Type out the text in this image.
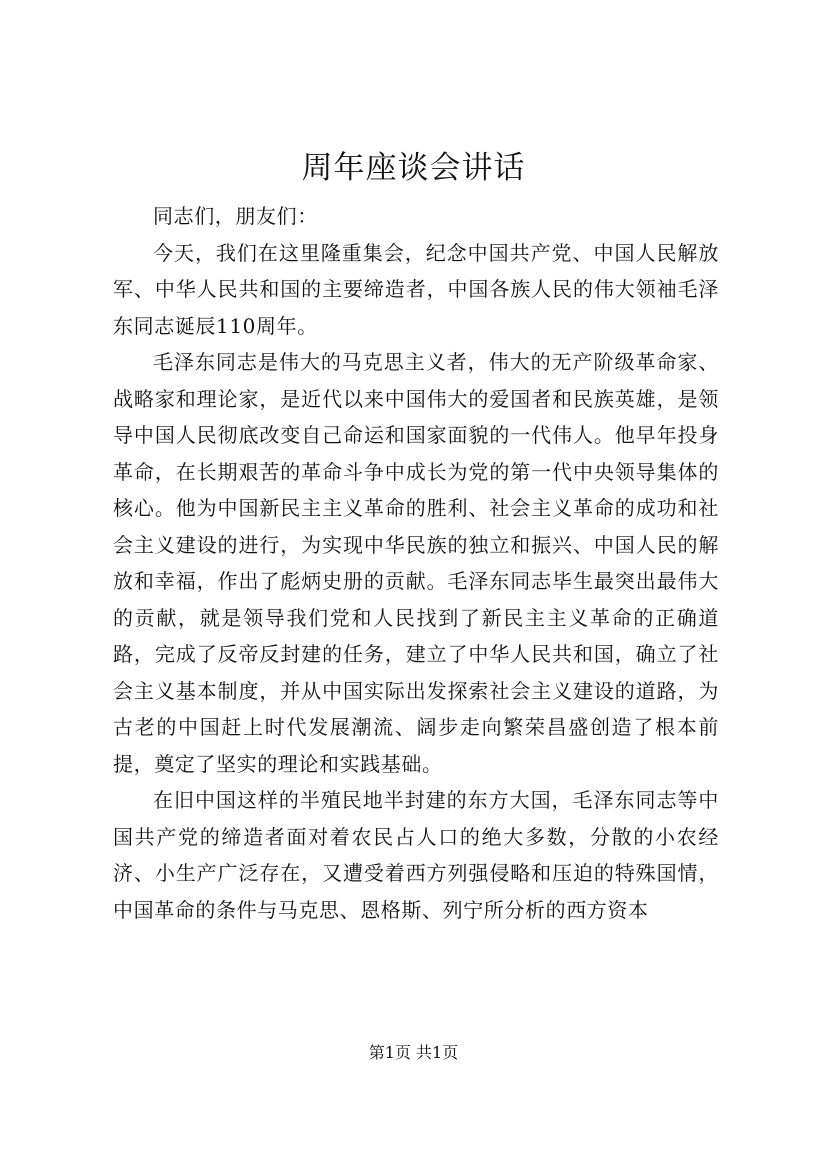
周年座谈会讲话

同志们，朋友们：

今天，我们在这里隆重集会，纪念中国共产党、中国人民解放军、中华人民共和国的主要缔造者，中国各族人民的伟大领袖毛泽东同志诞辰110周年。

毛泽东同志是伟大的马克思主义者，伟大的无产阶级革命家、战略家和理论家，是近代以来中国伟大的爱国者和民族英雄，是领导中国人民彻底改变自己命运和国家面貌的一代伟人。他早年投身革命，在长期艰苦的革命斗争中成长为党的第一代中央领导集体的核心。他为中国新民主主义革命的胜利、社会主义革命的成功和社会主义建设的进行，为实现中华民族的独立和振兴、中国人民的解放和幸福，作出了彪炳史册的贡献。毛泽东同志毕生最突出最伟大的贡献，就是领导我们党和人民找到了新民主主义革命的正确道路，完成了反帝反封建的任务，建立了中华人民共和国，确立了社会主义基本制度，并从中国实际出发探索社会主义建设的道路，为古老的中国赶上时代发展潮流、阔步走向繁荣昌盛创造了根本前提，奠定了坚实的理论和实践基础。

在旧中国这样的半殖民地半封建的东方大国，毛泽东同志等中国共产党的缔造者面对着农民占人口的绝大多数，分散的小农经济、小生产广泛存在，又遭受着西方列强侵略和压迫的特殊国情，中国革命的条件与马克思、恩格斯、列宁所分析的西方资本

第1页 共1页
